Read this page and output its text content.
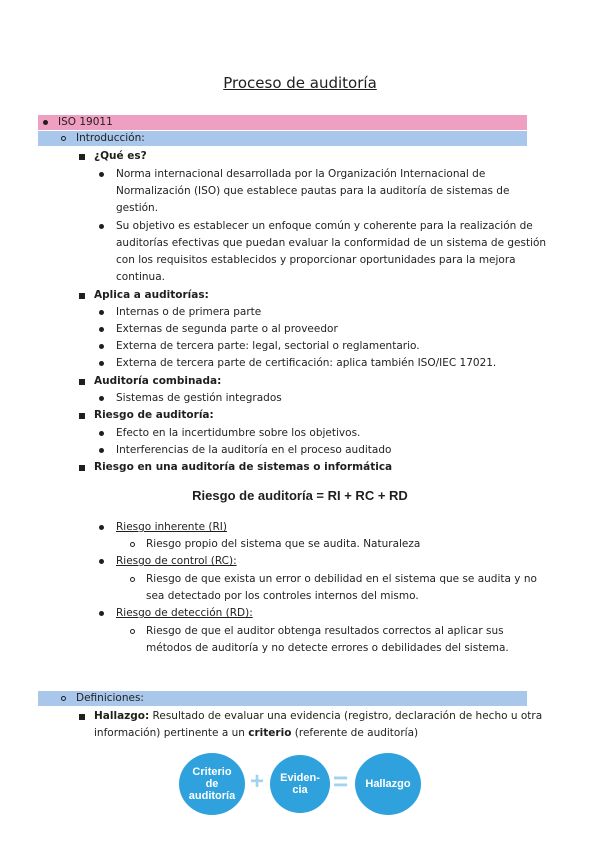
Proceso de auditoría
ISO 19011
Introducción:
¿Qué es?
Norma internacional desarrollada por la Organización Internacional de
Normalización (ISO) que establece pautas para la auditoría de sistemas de
gestión.
Su objetivo es establecer un enfoque común y coherente para la realización de
auditorías efectivas que puedan evaluar la conformidad de un sistema de gestión
con los requisitos establecidos y proporcionar oportunidades para la mejora
continua.
Aplica a auditorías:
Internas o de primera parte
Externas de segunda parte o al proveedor
Externa de tercera parte: legal, sectorial o reglamentario.
Externa de tercera parte de certificación: aplica también ISO/IEC 17021.
Auditoría combinada:
Sistemas de gestión integrados
Riesgo de auditoría:
Efecto en la incertidumbre sobre los objetivos.
Interferencias de la auditoría en el proceso auditado
Riesgo en una auditoría de sistemas o informática
Riesgo de auditoría = RI + RC + RD
Riesgo inherente (RI)
Riesgo propio del sistema que se audita. Naturaleza
Riesgo de control (RC):
Riesgo de que exista un error o debilidad en el sistema que se audita y no
sea detectado por los controles internos del mismo.
Riesgo de detección (RD):
Riesgo de que el auditor obtenga resultados correctos al aplicar sus
métodos de auditoría y no detecte errores o debilidades del sistema.
Definiciones:
Hallazgo: Resultado de evaluar una evidencia (registro, declaración de hecho u otra
información) pertinente a un criterio (referente de auditoría)
Criterio
de
auditoría
+ Eviden-
cia = Hallazgo
